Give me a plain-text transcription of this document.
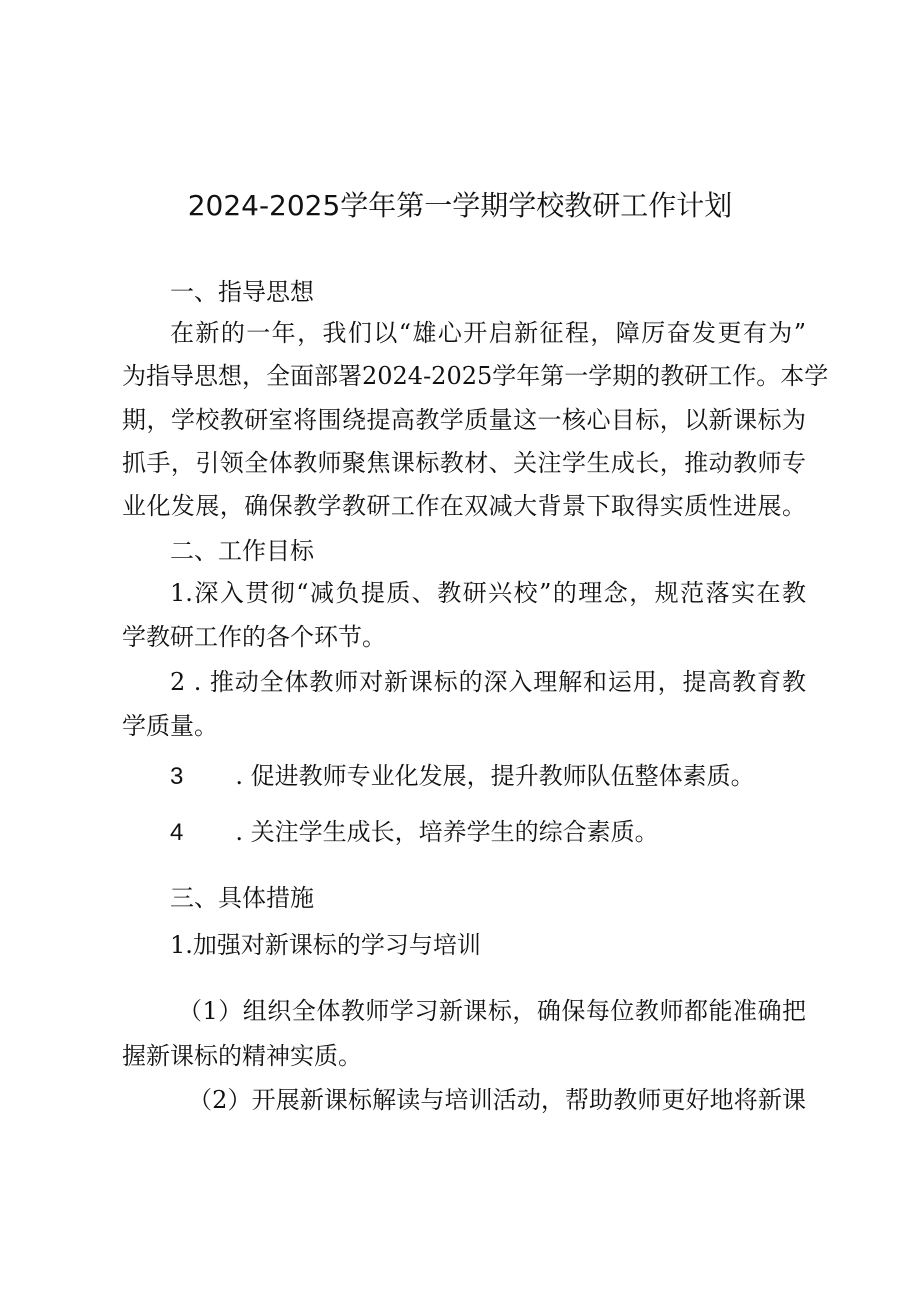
2024-2025学年第一学期学校教研工作计划
一、指导思想
在新的一年，我们以“雄心开启新征程，障厉奋发更有为”
为指导思想，全面部署2024-2025学年第一学期的教研工作。本学
期，学校教研室将围绕提高教学质量这一核心目标，以新课标为
抓手，引领全体教师聚焦课标教材、关注学生成长，推动教师专
业化发展，确保教学教研工作在双减大背景下取得实质性进展。
二、工作目标
1.深入贯彻“减负提质、教研兴校”的理念，规范落实在教
学教研工作的各个环节。
2 . 推动全体教师对新课标的深入理解和运用，提高教育教
学质量。
3 . 促进教师专业化发展，提升教师队伍整体素质。
4 . 关注学生成长，培养学生的综合素质。
三、具体措施
1.加强对新课标的学习与培训
（1）组织全体教师学习新课标，确保每位教师都能准确把
握新课标的精神实质。
（2）开展新课标解读与培训活动，帮助教师更好地将新课
